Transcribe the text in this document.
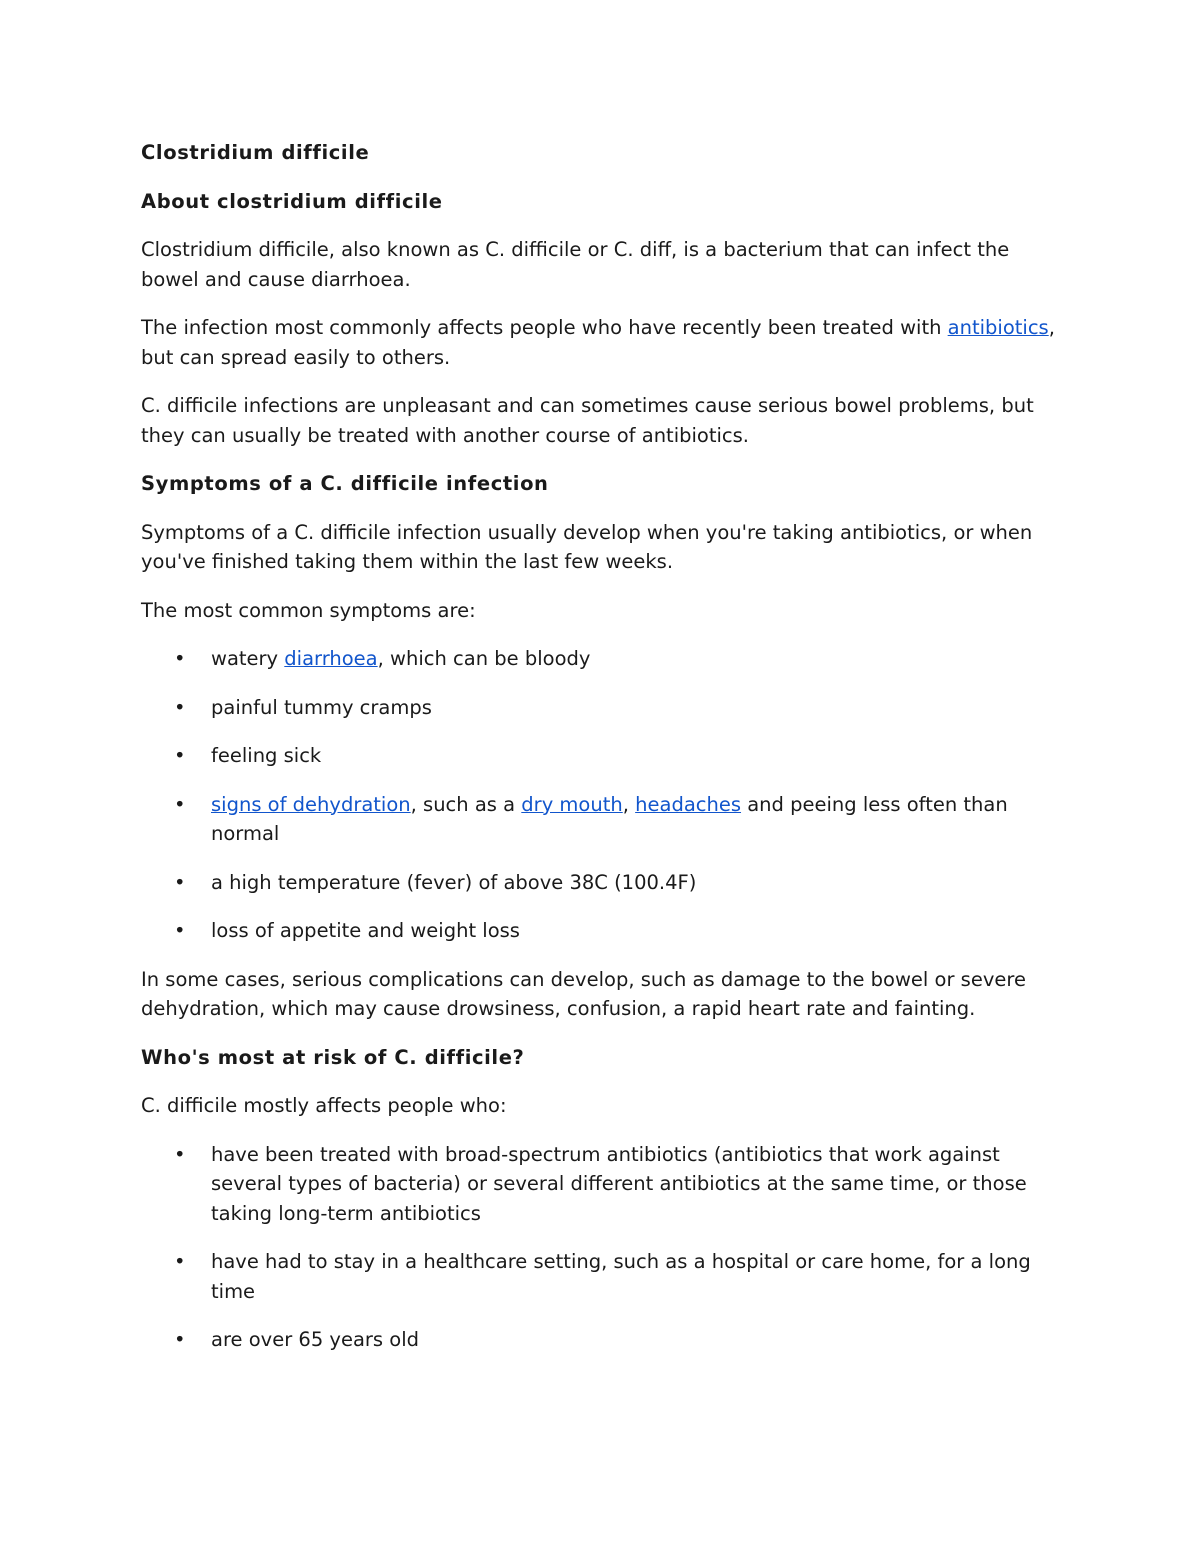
Clostridium difficile
About clostridium difficile

Clostridium difficile, also known as C. difficile or C. diff, is a bacterium that can infect the bowel and cause diarrhoea.

The infection most commonly affects people who have recently been treated with antibiotics, but can spread easily to others.

C. difficile infections are unpleasant and can sometimes cause serious bowel problems, but they can usually be treated with another course of antibiotics.

Symptoms of a C. difficile infection

Symptoms of a C. difficile infection usually develop when you're taking antibiotics, or when you've finished taking them within the last few weeks.

The most common symptoms are:

• watery diarrhoea, which can be bloody
• painful tummy cramps
• feeling sick
• signs of dehydration, such as a dry mouth, headaches and peeing less often than normal
• a high temperature (fever) of above 38C (100.4F)
• loss of appetite and weight loss

In some cases, serious complications can develop, such as damage to the bowel or severe dehydration, which may cause drowsiness, confusion, a rapid heart rate and fainting.

Who's most at risk of C. difficile?

C. difficile mostly affects people who:

• have been treated with broad-spectrum antibiotics (antibiotics that work against several types of bacteria) or several different antibiotics at the same time, or those taking long-term antibiotics
• have had to stay in a healthcare setting, such as a hospital or care home, for a long time
• are over 65 years old
